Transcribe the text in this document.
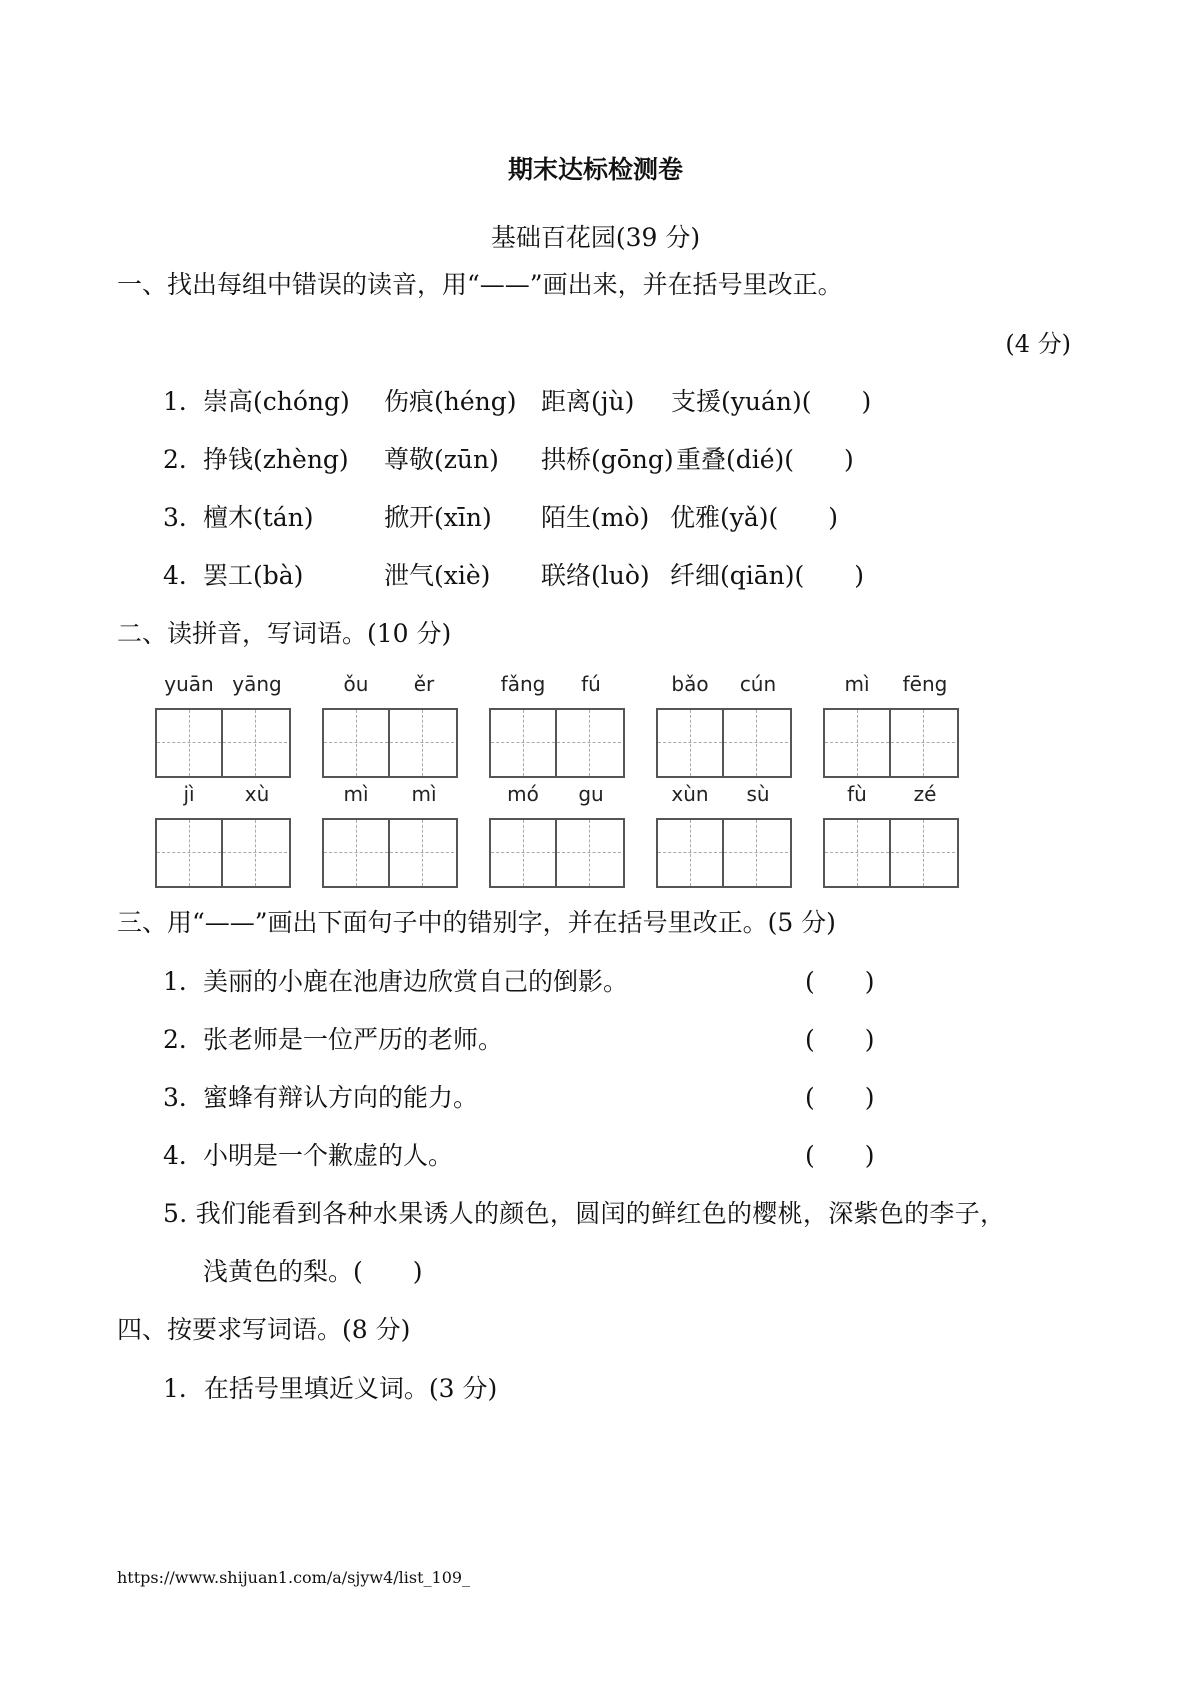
期末达标检测卷
基础百花园(39 分)
一、找出每组中错误的读音，用“——”画出来，并在括号里改正。
(4 分)
1． 崇高(chóng) 伤痕(héng) 距离(jù) 支援(yuán)(　　)
2． 挣钱(zhèng) 尊敬(zūn) 拱桥(gōng) 重叠(dié)(　　)
3． 檀木(tán)	掀开(xīn) 陌生(mò) 优雅(yǎ)(　　)
4． 罢工(bà)	泄气(xiè) 联络(luò) 纤细(qiān)(　　)
二、读拼音，写词语。(10 分)
yuān yāng	ǒu	ěr	fǎng	fú	bǎo	cún	mì	fēng
jì	xù	mì	mì	mó	gu	xùn	sù	fù	zé
三、用“——”画出下面句子中的错别字，并在括号里改正。(5 分)
1． 美丽的小鹿在池唐边欣赏自己的倒影。	(　　)
2． 张老师是一位严历的老师。	(　　)
3． 蜜蜂有辩认方向的能力。	(　　)
4． 小明是一个歉虚的人。	(　　)
5. 我们能看到各种水果诱人的颜色，圆闰的鲜红色的樱桃，深紫色的李子，
浅黄色的梨。(　　)
四、按要求写词语。(8 分)
1．在括号里填近义词。(3 分)
https://www.shijuan1.com/a/sjyw4/list_109_
